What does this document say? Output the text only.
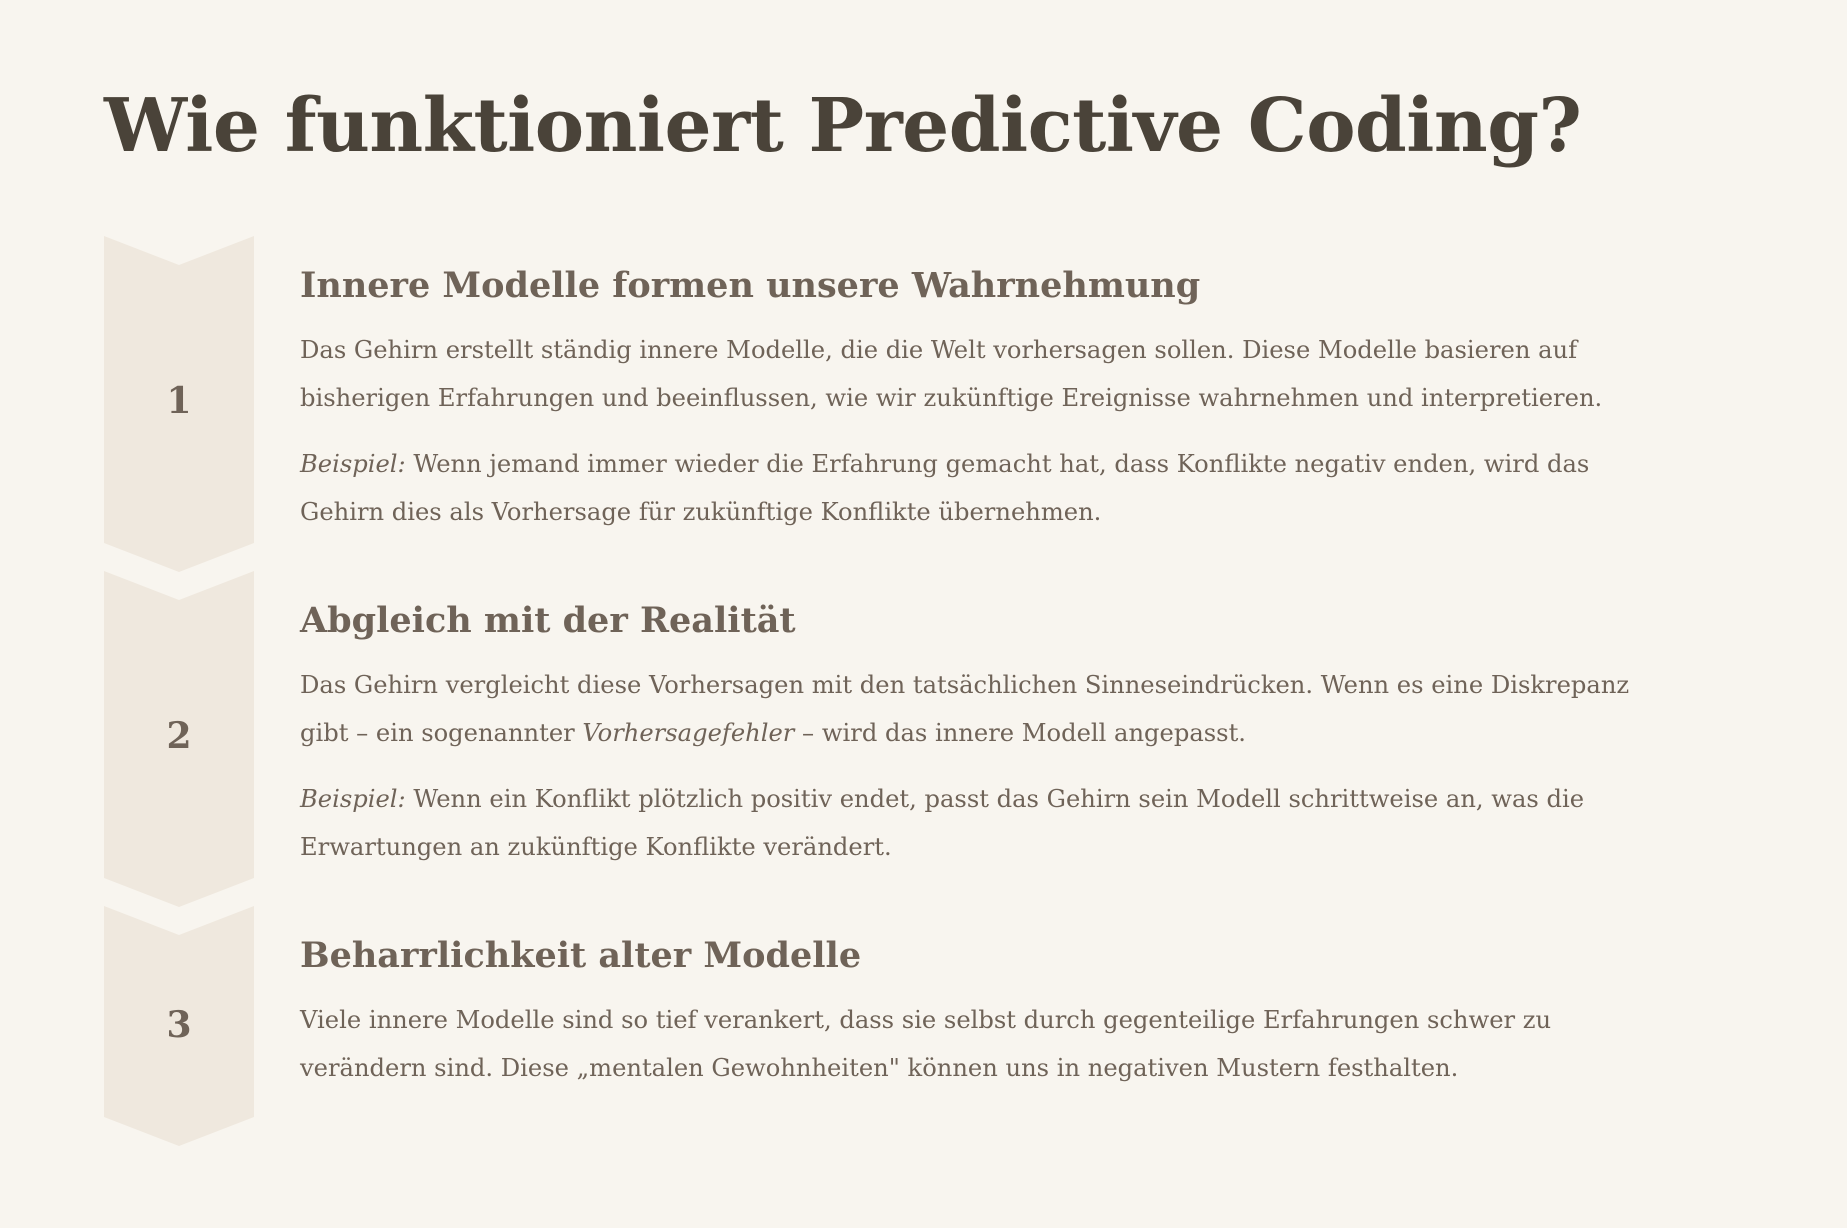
Wie funktioniert Predictive Coding?
1
Innere Modelle formen unsere Wahrnehmung

Das Gehirn erstellt ständig innere Modelle, die die Welt vorhersagen sollen. Diese Modelle basieren auf

bisherigen Erfahrungen und beeinflussen, wie wir zukünftige Ereignisse wahrnehmen und interpretieren.

Beispiel: Wenn jemand immer wieder die Erfahrung gemacht hat, dass Konflikte negativ enden, wird das

Gehirn dies als Vorhersage für zukünftige Konflikte übernehmen.

2
Abgleich mit der Realität

Das Gehirn vergleicht diese Vorhersagen mit den tatsächlichen Sinneseindrücken. Wenn es eine Diskrepanz

gibt – ein sogenannter Vorhersagefehler – wird das innere Modell angepasst.

Beispiel: Wenn ein Konflikt plötzlich positiv endet, passt das Gehirn sein Modell schrittweise an, was die

Erwartungen an zukünftige Konflikte verändert.

3
Beharrlichkeit alter Modelle

Viele innere Modelle sind so tief verankert, dass sie selbst durch gegenteilige Erfahrungen schwer zu

verändern sind. Diese „mentalen Gewohnheiten" können uns in negativen Mustern festhalten.
